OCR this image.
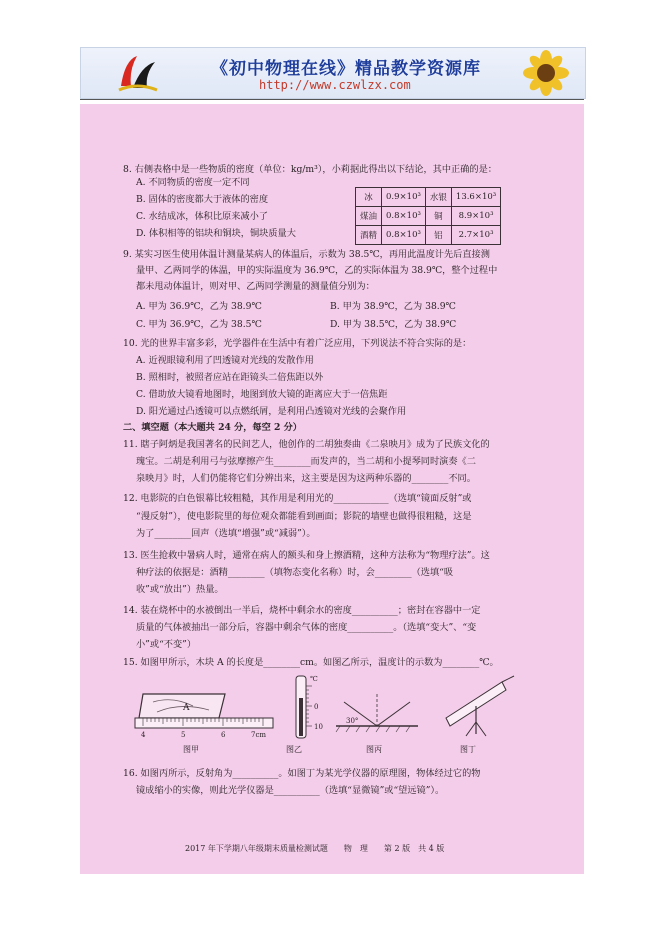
《初中物理在线》精品教学资源库
http://www.czwlzx.com
8. 右侧表格中是一些物质的密度（单位：kg/m³），小莉据此得出以下结论，其中正确的是：
A. 不同物质的密度一定不同
B. 固体的密度都大于液体的密度
C. 水结成冰，体积比原来减小了
D. 体积相等的铝块和铜块，铜块质量大
冰	0.9×10³	水银	13.6×10³
煤油	0.8×10³	铜	8.9×10³
酒精	0.8×10³	铝	2.7×10³
9. 某实习医生使用体温计测量某病人的体温后，示数为 38.5℃，再用此温度计先后直接测
量甲、乙两同学的体温，甲的实际温度为 36.9℃，乙的实际体温为 38.9℃，整个过程中
都未甩动体温计，则对甲、乙两同学测量的测量值分别为：
A. 甲为 36.9℃，乙为 38.9℃	B. 甲为 38.9℃，乙为 38.9℃
C. 甲为 36.9℃，乙为 38.5℃	D. 甲为 38.5℃，乙为 38.9℃
10. 光的世界丰富多彩，光学器件在生活中有着广泛应用，下列说法不符合实际的是：
A. 近视眼镜利用了凹透镜对光线的发散作用
B. 照相时，被照者应站在距镜头二倍焦距以外
C. 借助放大镜看地图时，地图到放大镜的距离应大于一倍焦距
D. 阳光通过凸透镜可以点燃纸屑，是利用凸透镜对光线的会聚作用
二、填空题（本大题共 24 分，每空 2 分）
11. 瞎子阿炳是我国著名的民间艺人，他创作的二胡独奏曲《二泉映月》成为了民族文化的
瑰宝。二胡是利用弓与弦摩擦产生________而发声的，当二胡和小提琴同时演奏《二
泉映月》时，人们仍能将它们分辨出来，这主要是因为这两种乐器的________不同。
12. 电影院的白色银幕比较粗糙，其作用是利用光的____________（选填“镜面反射”或
“漫反射”），使电影院里的每位观众都能看到画面；影院的墙壁也做得很粗糙，这是
为了________回声（选填“增强”或“减弱”）。
13. 医生抢救中暑病人时，通常在病人的额头和身上擦酒精，这种方法称为“物理疗法”。这
种疗法的依据是：酒精________（填物态变化名称）时，会________（选填“吸
收”或“放出”）热量。
14. 装在烧杯中的水被倒出一半后，烧杯中剩余水的密度__________；密封在容器中一定
质量的气体被抽出一部分后，容器中剩余气体的密度__________。（选填“变大”、“变
小”或“不变”）
15. 如图甲所示，木块 A 的长度是________cm。如图乙所示，温度计的示数为________℃。
A
4	5	6	7cm
图甲
℃
0
10
图乙
30°
图丙	图丁
16. 如图丙所示，反射角为__________。如图丁为某光学仪器的原理图，物体经过它的物
镜成缩小的实像，则此光学仪器是__________（选填“显微镜”或“望远镜”）。
2017 年下学期八年级期末质量检测试题　　物　理　　第 2 版　共 4 版
